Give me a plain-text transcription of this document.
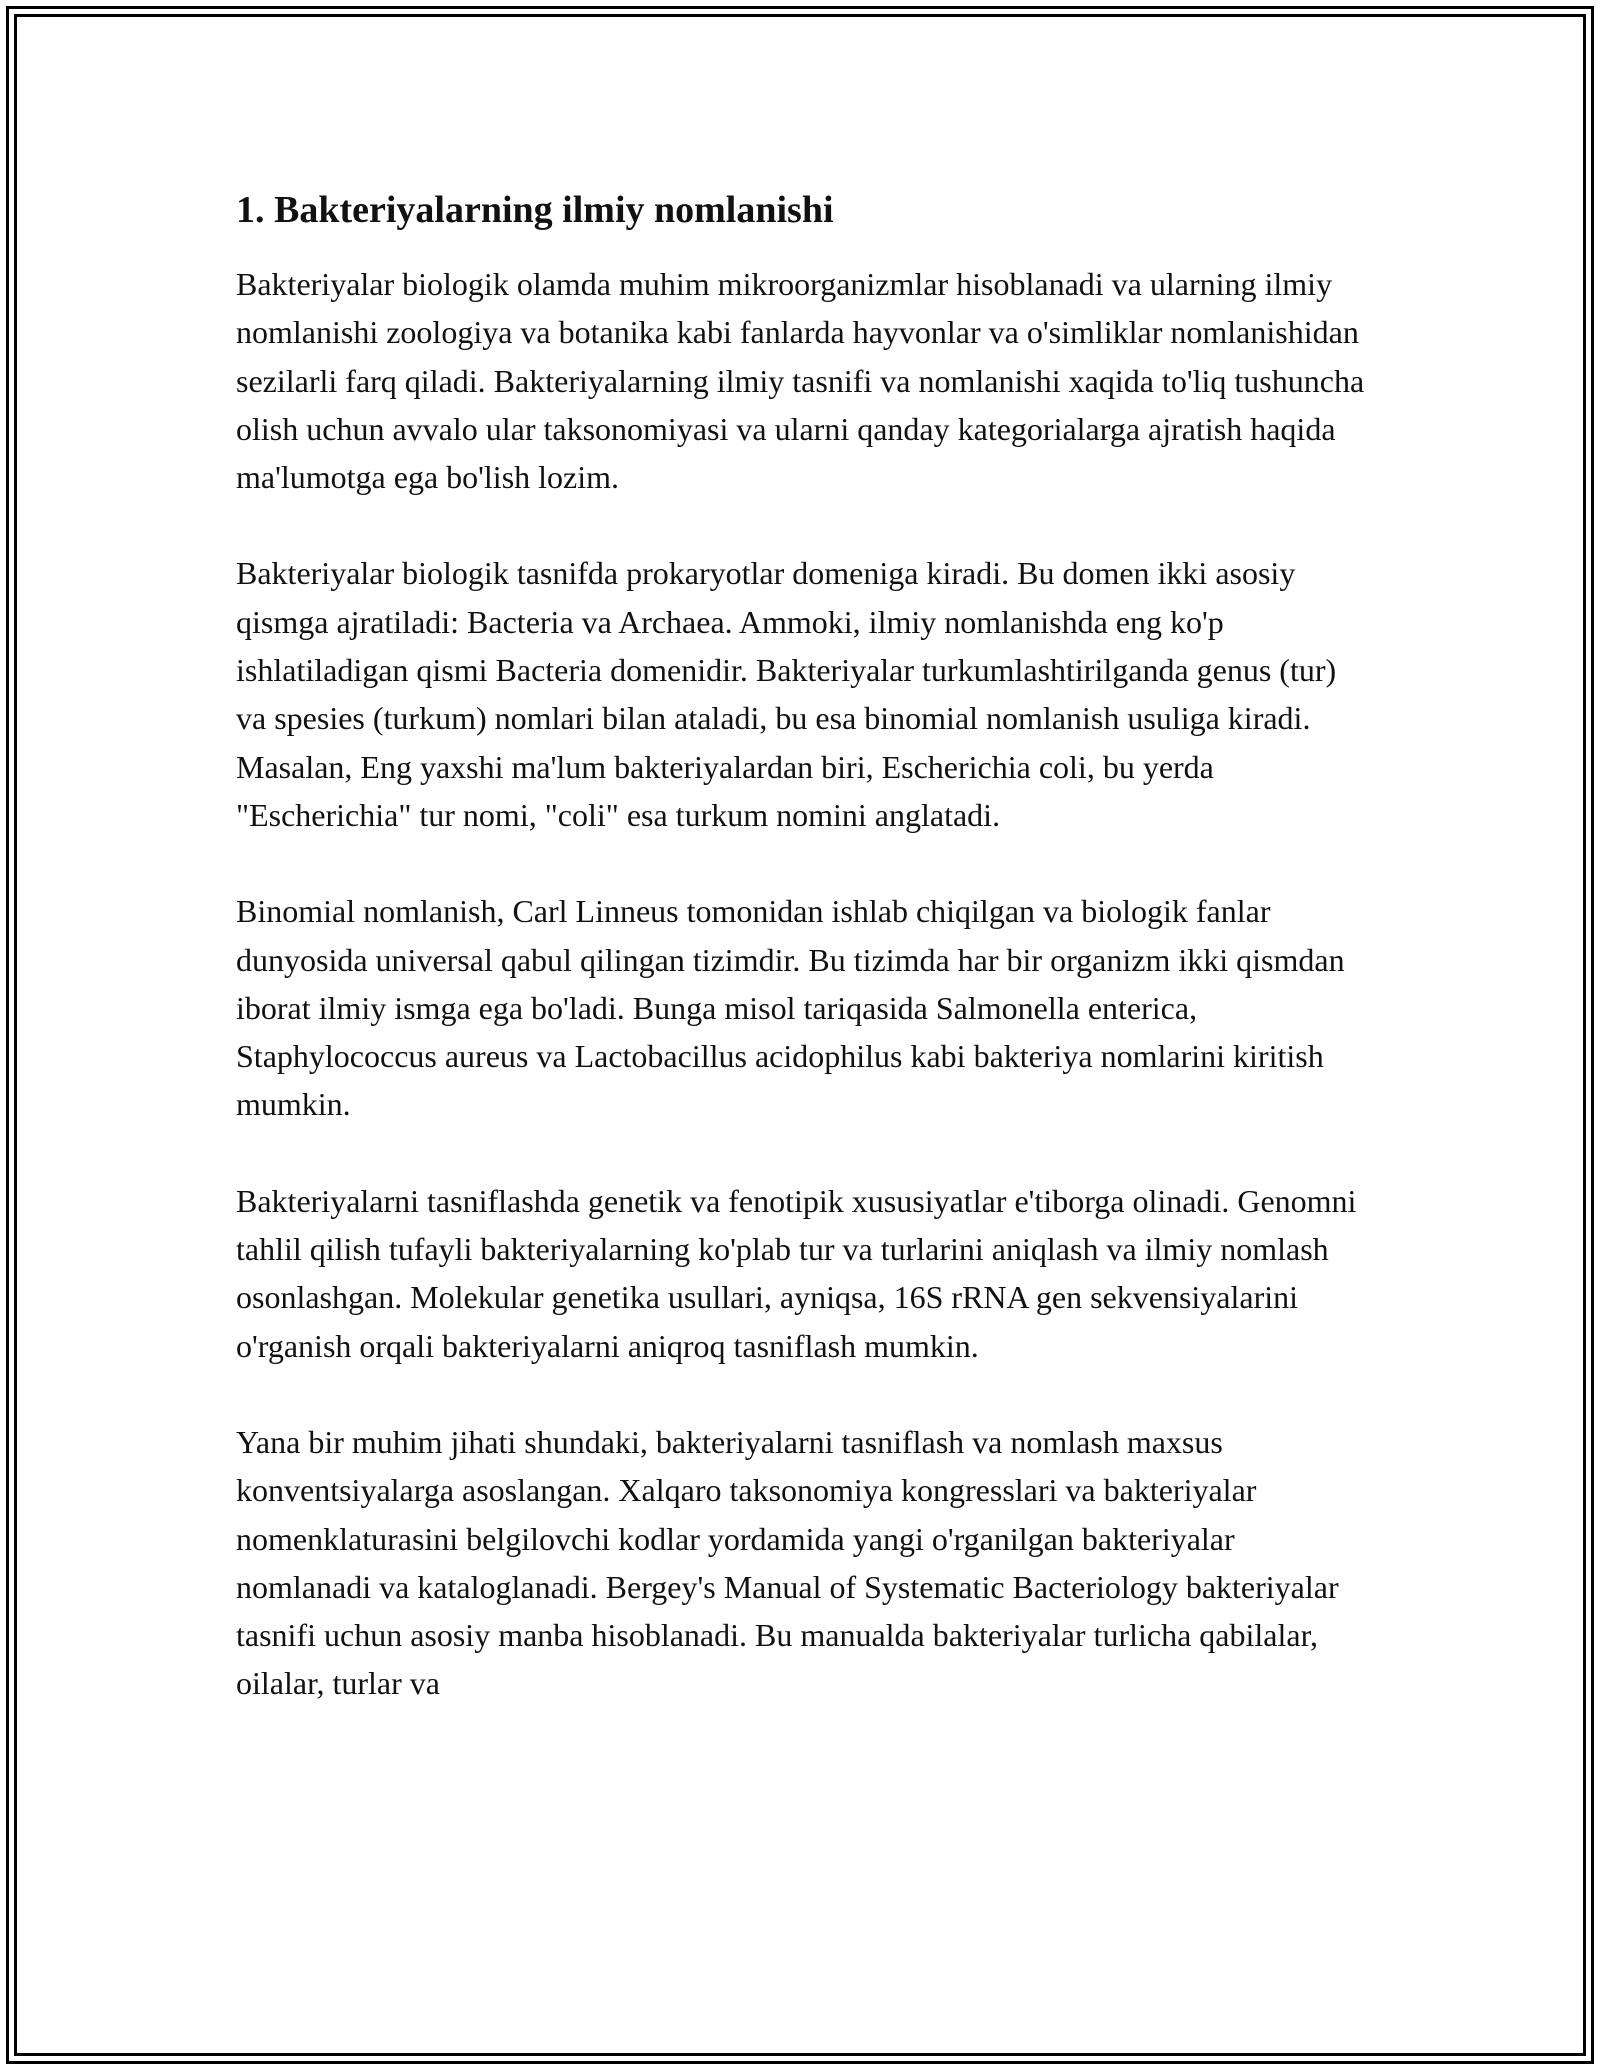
1. Bakteriyalarning ilmiy nomlanishi

Bakteriyalar biologik olamda muhim mikroorganizmlar hisoblanadi va ularning ilmiy nomlanishi zoologiya va botanika kabi fanlarda hayvonlar va o'simliklar nomlanishidan sezilarli farq qiladi. Bakteriyalarning ilmiy tasnifi va nomlanishi xaqida to'liq tushuncha olish uchun avvalo ular taksonomiyasi va ularni qanday kategorialarga ajratish haqida ma'lumotga ega bo'lish lozim.

Bakteriyalar biologik tasnifda prokaryotlar domeniga kiradi. Bu domen ikki asosiy qismga ajratiladi: Bacteria va Archaea. Ammoki, ilmiy nomlanishda eng ko'p ishlatiladigan qismi Bacteria domenidir. Bakteriyalar turkumlashtirilganda genus (tur) va spesies (turkum) nomlari bilan ataladi, bu esa binomial nomlanish usuliga kiradi. Masalan, Eng yaxshi ma'lum bakteriyalardan biri, Escherichia coli, bu yerda "Escherichia" tur nomi, "coli" esa turkum nomini anglatadi.

Binomial nomlanish, Carl Linneus tomonidan ishlab chiqilgan va biologik fanlar dunyosida universal qabul qilingan tizimdir. Bu tizimda har bir organizm ikki qismdan iborat ilmiy ismga ega bo'ladi. Bunga misol tariqasida Salmonella enterica, Staphylococcus aureus va Lactobacillus acidophilus kabi bakteriya nomlarini kiritish mumkin.

Bakteriyalarni tasniflashda genetik va fenotipik xususiyatlar e'tiborga olinadi. Genomni tahlil qilish tufayli bakteriyalarning ko'plab tur va turlarini aniqlash va ilmiy nomlash osonlashgan. Molekular genetika usullari, ayniqsa, 16S rRNA gen sekvensiyalarini o'rganish orqali bakteriyalarni aniqroq tasniflash mumkin.

Yana bir muhim jihati shundaki, bakteriyalarni tasniflash va nomlash maxsus konventsiyalarga asoslangan. Xalqaro taksonomiya kongresslari va bakteriyalar nomenklaturasini belgilovchi kodlar yordamida yangi o'rganilgan bakteriyalar nomlanadi va kataloglanadi. Bergey's Manual of Systematic Bacteriology bakteriyalar tasnifi uchun asosiy manba hisoblanadi. Bu manualda bakteriyalar turlicha qabilalar, oilalar, turlar va
